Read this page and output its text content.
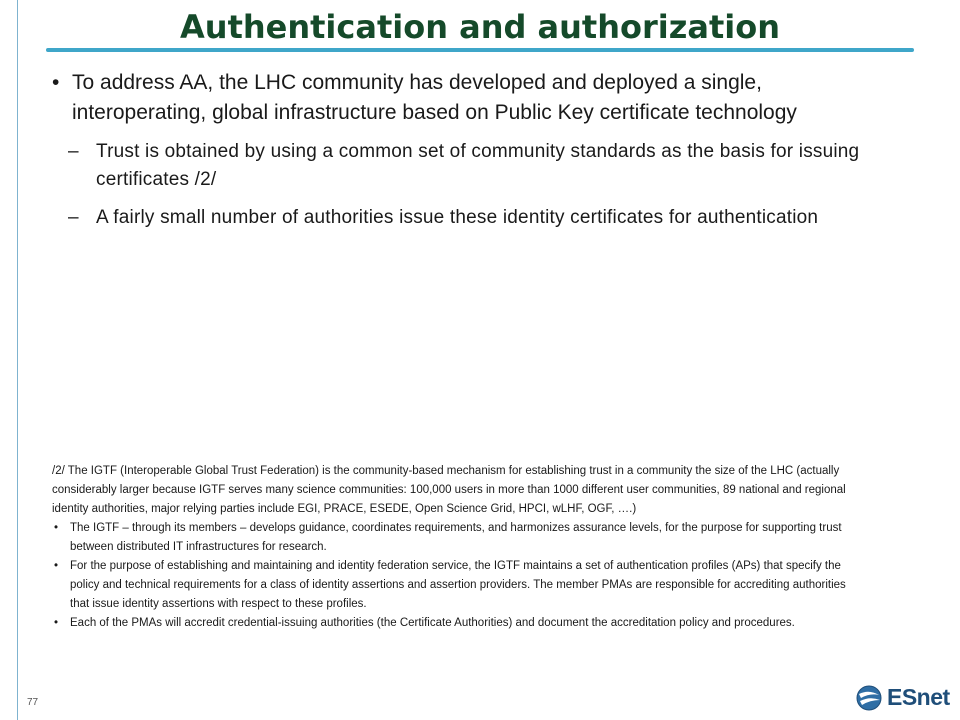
Authentication and authorization
• To address AA, the LHC community has developed and deployed a single, interoperating, global infrastructure based on Public Key certificate technology
– Trust is obtained by using a common set of community standards as the basis for issuing certificates /2/
– A fairly small number of authorities issue these identity certificates for authentication
/2/ The IGTF (Interoperable Global Trust Federation) is the community-based mechanism for establishing trust in a community the size of the LHC (actually considerably larger because IGTF serves many science communities: 100,000 users in more than 1000 different user communities, 89 national and regional identity authorities, major relying parties include EGI, PRACE, ESEDE, Open Science Grid, HPCI, wLHF, OGF, ….)
• The IGTF – through its members – develops guidance, coordinates requirements, and harmonizes assurance levels, for the purpose for supporting trust between distributed IT infrastructures for research.
• For the purpose of establishing and maintaining and identity federation service, the IGTF maintains a set of authentication profiles (APs) that specify the policy and technical requirements for a class of identity assertions and assertion providers. The member PMAs are responsible for accrediting authorities that issue identity assertions with respect to these profiles.
• Each of the PMAs will accredit credential-issuing authorities (the Certificate Authorities) and document the accreditation policy and procedures.
77	ESnet
